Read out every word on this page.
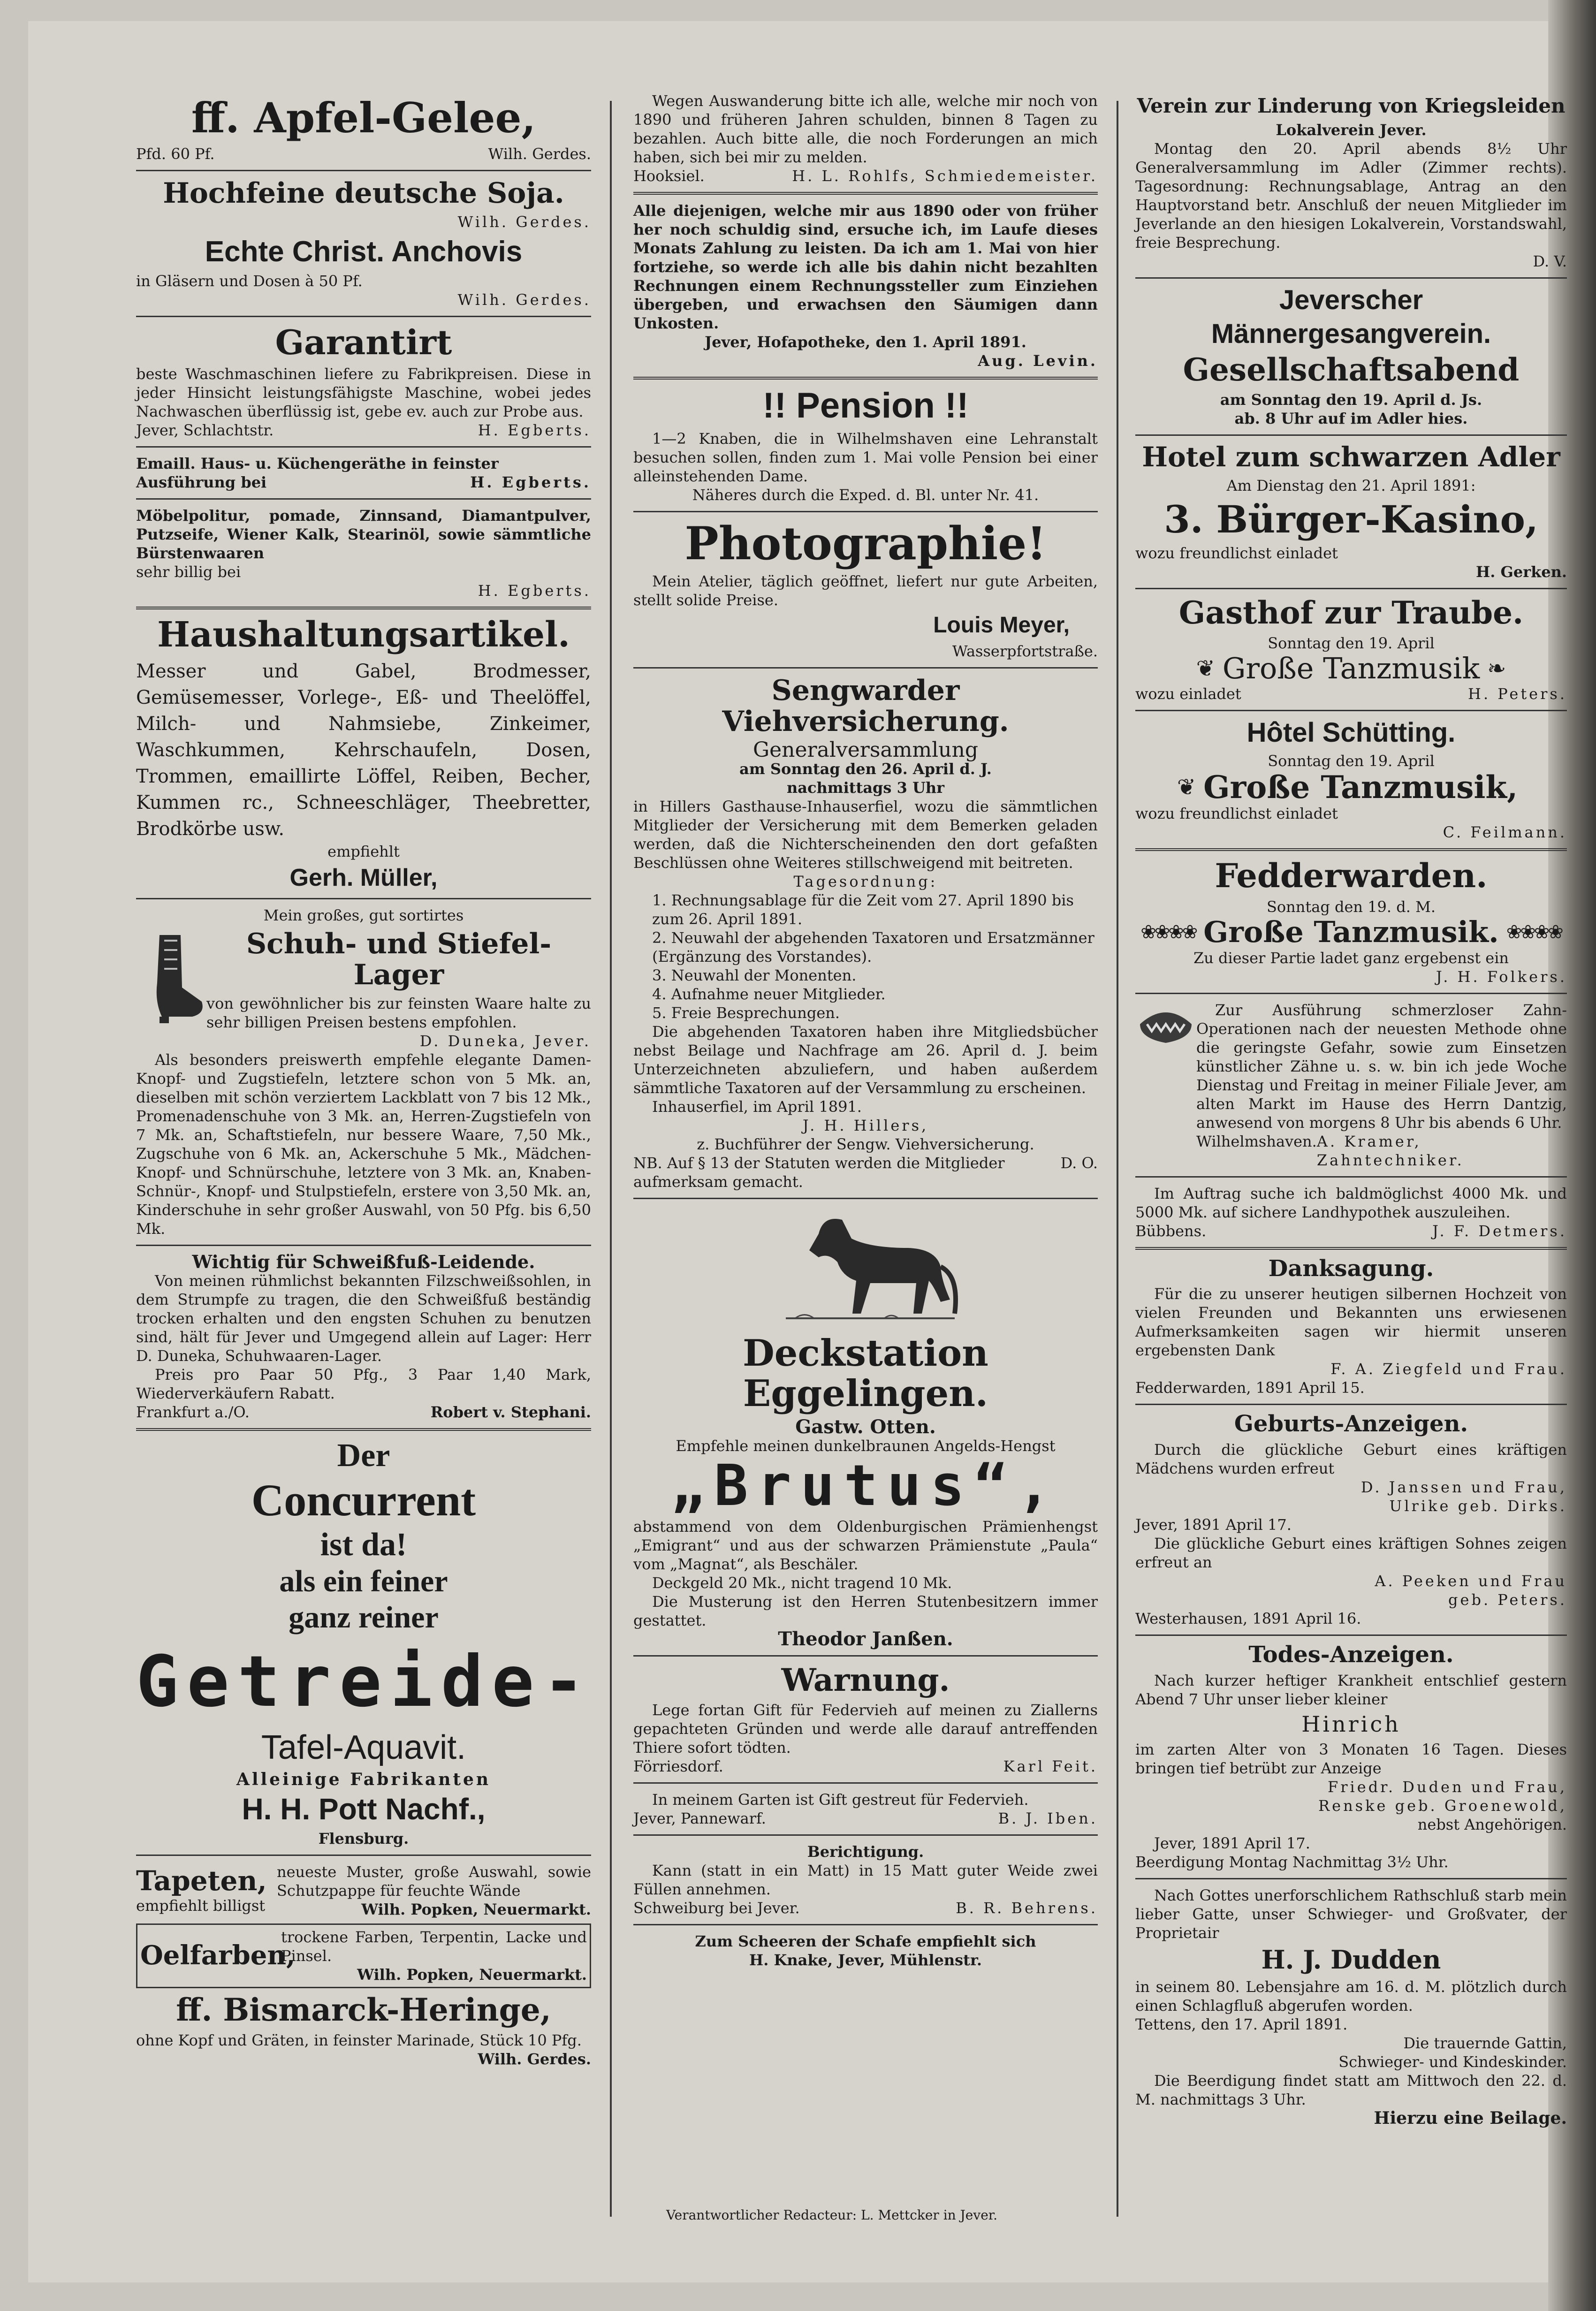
ff. Apfel-Gelee,
Pfd. 60 Pf.	Wilh. Gerdes.
Hochfeine deutsche Soja.
Wilh. Gerdes.
Echte Christ. Anchovis
in Gläsern und Dosen à 50 Pf.
Wilh. Gerdes.
Garantirt
beste Waschmaschinen liefere zu Fabrikpreisen. Diese in jeder Hinsicht leistungsfähigste Maschine, wobei jedes Nachwaschen überflüssig ist, gebe ev. auch zur Probe aus.
Jever, Schlachtstr.	H. Egberts.
Emaill. Haus- u. Küchengeräthe in feinster
Ausführung bei	H. Egberts.
Möbelpolitur, pomade, Zinnsand, Diamantpulver, Putzseife, Wiener Kalk, Stearinöl, sowie sämmtliche Bürstenwaaren
sehr billig bei
H. Egberts.
Haushaltungsartikel.
Messer und Gabel, Brodmesser, Gemüsemesser, Vorlege-, Eß- und Theelöffel, Milch- und Nahmsiebe, Zinkeimer, Waschkummen, Kehrschaufeln, Dosen, Trommen, emaillirte Löffel, Reiben, Becher, Kummen rc., Schneeschläger, Theebretter, Brodkörbe usw.
empfiehlt
Gerh. Müller,
Mein großes, gut sortirtes
Schuh- und Stiefel-Lager
von gewöhnlicher bis zur feinsten Waare halte zu sehr billigen Preisen bestens empfohlen.
D. Duneka, Jever.
Als besonders preiswerth empfehle elegante Damen-Knopf- und Zugstiefeln, letztere schon von 5 Mk. an, dieselben mit schön verziertem Lackblatt von 7 bis 12 Mk., Promenadenschuhe von 3 Mk. an, Herren-Zugstiefeln von 7 Mk. an, Schaftstiefeln, nur bessere Waare, 7,50 Mk., Zugschuhe von 6 Mk. an, Ackerschuhe 5 Mk., Mädchen-Knopf- und Schnürschuhe, letztere von 3 Mk. an, Knaben-Schnür-, Knopf- und Stulpstiefeln, erstere von 3,50 Mk. an, Kinderschuhe in sehr großer Auswahl, von 50 Pfg. bis 6,50 Mk.
Wichtig für Schweißfuß-Leidende.
Von meinen rühmlichst bekannten Filzschweißsohlen, in dem Strumpfe zu tragen, die den Schweißfuß beständig trocken erhalten und den engsten Schuhen zu benutzen sind, hält für Jever und Umgegend allein auf Lager: Herr D. Duneka, Schuhwaaren-Lager.
Preis pro Paar 50 Pfg., 3 Paar 1,40 Mark, Wiederverkäufern Rabatt.
Frankfurt a./O.	Robert v. Stephani.
Der
Concurrent
ist da!
als ein feiner
ganz reiner
Getreide-
Tafel-Aquavit.
Alleinige Fabrikanten
H. H. Pott Nachf.,
Flensburg.
Tapeten,
empfiehlt billigst
neueste Muster, große Auswahl, sowie Schutzpappe für feuchte Wände
Wilh. Popken, Neuermarkt.
Oelfarben,
trockene Farben, Terpentin, Lacke und Pinsel.
Wilh. Popken, Neuermarkt.
ff. Bismarck-Heringe,
ohne Kopf und Gräten, in feinster Marinade, Stück 10 Pfg.
Wilh. Gerdes.
Wegen Auswanderung bitte ich alle, welche mir noch von 1890 und früheren Jahren schulden, binnen 8 Tagen zu bezahlen. Auch bitte alle, die noch Forderungen an mich haben, sich bei mir zu melden.
Hooksiel.	H. L. Rohlfs, Schmiedemeister.
Alle diejenigen, welche mir aus 1890 oder von früher her noch schuldig sind, ersuche ich, im Laufe dieses Monats Zahlung zu leisten. Da ich am 1. Mai von hier fortziehe, so werde ich alle bis dahin nicht bezahlten Rechnungen einem Rechnungssteller zum Einziehen übergeben, und erwachsen den Säumigen dann Unkosten.
Jever, Hofapotheke, den 1. April 1891.
Aug. Levin.
!! Pension !!
1—2 Knaben, die in Wilhelmshaven eine Lehranstalt besuchen sollen, finden zum 1. Mai volle Pension bei einer alleinstehenden Dame.
Näheres durch die Exped. d. Bl. unter Nr. 41.
Photographie!
Mein Atelier, täglich geöffnet, liefert nur gute Arbeiten, stellt solide Preise.
Louis Meyer,
Wasserpfortstraße.
Sengwarder Viehversicherung.
Generalversammlung
am Sonntag den 26. April d. J.
nachmittags 3 Uhr
in Hillers Gasthause-Inhauserfiel, wozu die sämmtlichen Mitglieder der Versicherung mit dem Bemerken geladen werden, daß die Nichterscheinenden den dort gefaßten Beschlüssen ohne Weiteres stillschweigend mit beitreten.
Tagesordnung:
1. Rechnungsablage für die Zeit vom 27. April 1890 bis zum 26. April 1891.
2. Neuwahl der abgehenden Taxatoren und Ersatzmänner (Ergänzung des Vorstandes).
3. Neuwahl der Monenten.
4. Aufnahme neuer Mitglieder.
5. Freie Besprechungen.
Die abgehenden Taxatoren haben ihre Mitgliedsbücher nebst Beilage und Nachfrage am 26. April d. J. beim Unterzeichneten abzuliefern, und haben außerdem sämmtliche Taxatoren auf der Versammlung zu erscheinen.
Inhauserfiel, im April 1891.
J. H. Hillers,
z. Buchführer der Sengw. Viehversicherung.
NB. Auf § 13 der Statuten werden die Mitglieder aufmerksam gemacht.
D. O.
Deckstation Eggelingen.
Gastw. Otten.
Empfehle meinen dunkelbraunen Angelds-Hengst
„Brutus“,
abstammend von dem Oldenburgischen Prämienhengst „Emigrant“ und aus der schwarzen Prämienstute „Paula“ vom „Magnat“, als Beschäler.
Deckgeld 20 Mk., nicht tragend 10 Mk.
Die Musterung ist den Herren Stutenbesitzern immer gestattet.
Theodor Janßen.
Warnung.
Lege fortan Gift für Federvieh auf meinen zu Ziallerns gepachteten Gründen und werde alle darauf antreffenden Thiere sofort tödten.
Förriesdorf.	Karl Feit.
In meinem Garten ist Gift gestreut für Federvieh.
Jever, Pannewarf.	B. J. Iben.
Berichtigung.
Kann (statt in ein Matt) in 15 Matt guter Weide zwei Füllen annehmen.
Schweiburg bei Jever.	B. R. Behrens.
Zum Scheeren der Schafe empfiehlt sich
H. Knake, Jever, Mühlenstr.
Verein zur Linderung von Kriegsleiden
Lokalverein Jever.
Montag den 20. April abends 8½ Uhr Generalversammlung im Adler (Zimmer rechts). Tagesordnung: Rechnungsablage, Antrag an den Hauptvorstand betr. Anschluß der neuen Mitglieder im Jeverlande an den hiesigen Lokalverein, Vorstandswahl, freie Besprechung.
D. V.
Jeverscher
Männergesangverein.
Gesellschaftsabend
am Sonntag den 19. April d. Js.
ab. 8 Uhr auf im Adler hies.
Hotel zum schwarzen Adler
Am Dienstag den 21. April 1891:
3. Bürger-Kasino,
wozu freundlichst einladet
H. Gerken.
Gasthof zur Traube.
Sonntag den 19. April
❦ Große Tanzmusik ❧
wozu einladet	H. Peters.
Hôtel Schütting.
Sonntag den 19. April
❦ Große Tanzmusik,
wozu freundlichst einladet
C. Feilmann.
Fedderwarden.
Sonntag den 19. d. M.
❀❀❀❀ Große Tanzmusik. ❀❀❀❀
Zu dieser Partie ladet ganz ergebenst ein
J. H. Folkers.
Zur Ausführung schmerzloser Zahn-Operationen nach der neuesten Methode ohne die geringste Gefahr, sowie zum Einsetzen künstlicher Zähne u. s. w. bin ich jede Woche Dienstag und Freitag in meiner Filiale Jever, am alten Markt im Hause des Herrn Dantzig, anwesend von morgens 8 Uhr bis abends 6 Uhr.
Wilhelmshaven. A. Kramer, Zahntechniker.
Im Auftrag suche ich baldmöglichst 4000 Mk. und 5000 Mk. auf sichere Landhypothek auszuleihen.
Bübbens.	J. F. Detmers.
Danksagung.
Für die zu unserer heutigen silbernen Hochzeit von vielen Freunden und Bekannten uns erwiesenen Aufmerksamkeiten sagen wir hiermit unseren ergebensten Dank
F. A. Ziegfeld und Frau.
Fedderwarden, 1891 April 15.
Geburts-Anzeigen.
Durch die glückliche Geburt eines kräftigen Mädchens wurden erfreut
D. Janssen und Frau,
Ulrike geb. Dirks.
Jever, 1891 April 17.
Die glückliche Geburt eines kräftigen Sohnes zeigen erfreut an
A. Peeken und Frau
geb. Peters.
Westerhausen, 1891 April 16.
Todes-Anzeigen.
Nach kurzer heftiger Krankheit entschlief gestern Abend 7 Uhr unser lieber kleiner
Hinrich
im zarten Alter von 3 Monaten 16 Tagen. Dieses bringen tief betrübt zur Anzeige
Friedr. Duden und Frau,
Renske geb. Groenewold,
nebst Angehörigen.
Jever, 1891 April 17.
Beerdigung Montag Nachmittag 3½ Uhr.
Nach Gottes unerforschlichem Rathschluß starb mein lieber Gatte, unser Schwieger- und Großvater, der Proprietair
H. J. Dudden
in seinem 80. Lebensjahre am 16. d. M. plötzlich durch einen Schlagfluß abgerufen worden.
Tettens, den 17. April 1891.
Die trauernde Gattin,
Schwieger- und Kindeskinder.
Die Beerdigung findet statt am Mittwoch den 22. d. M. nachmittags 3 Uhr.
Hierzu eine Beilage.
Verantwortlicher Redacteur: L. Mettcker in Jever.
